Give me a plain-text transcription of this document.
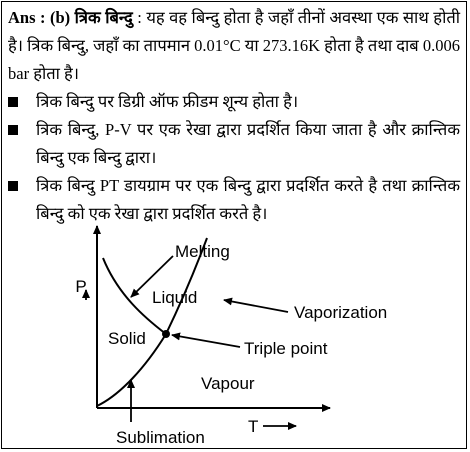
Ans : (b) त्रिक बिन्दु : यह वह बिन्दु होता है जहाँ तीनों अवस्था एक साथ होती है। त्रिक बिन्दु, जहाँ का तापमान 0.01°C या 273.16K होता है तथा दाब 0.006 bar होता है।
त्रिक बिन्दु पर डिग्री ऑफ फ्रीडम शून्य होता है।
त्रिक बिन्दु, P-V पर एक रेखा द्वारा प्रदर्शित किया जाता है और क्रान्तिक बिन्दु एक बिन्दु द्वारा।
त्रिक बिन्दु PT डायग्राम पर एक बिन्दु द्वारा प्रदर्शित करते है तथा क्रान्तिक बिन्दु को एक रेखा द्वारा प्रदर्शित करते है।
Melting
Liquid
Vaporization
Solid
Triple point
Vapour
Sublimation
P
T
